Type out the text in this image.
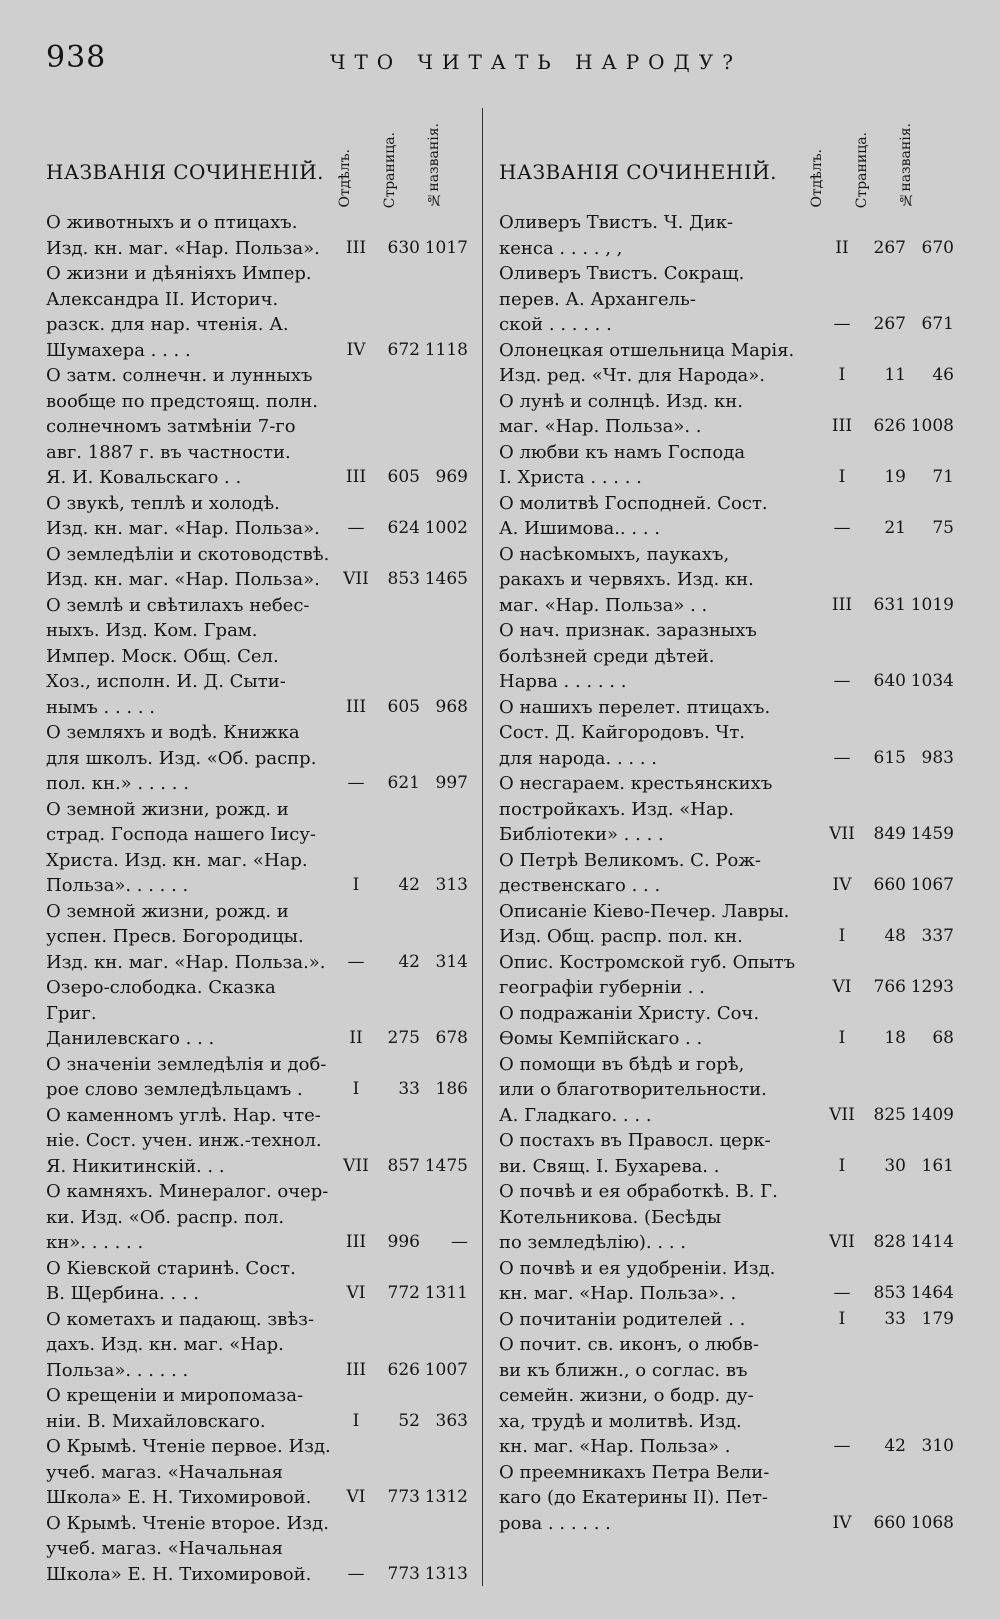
938	ЧТО ЧИТАТЬ НАРОДУ?
НАЗВАНІЯ СОЧИНЕНІЙ. Отдѣлъ. Страница. №названія.
О животныхъ и о птицахъ.
Изд. кн. маг. «Нар. Польза».	III	630 1017
О жизни и дѣяніяхъ Импер.
Александра II. Историч.
разск. для нар. чтенія. А.
Шумахера . . . .	IV	672 1118
О затм. солнечн. и лунныхъ
вообще по предстоящ. полн.
солнечномъ затмѣніи 7-го
авг. 1887 г. въ частности.
Я. И. Ковальскаго . .	III	605 969
О звукѣ, теплѣ и холодѣ.
Изд. кн. маг. «Нар. Польза».	—	624 1002
О земледѣліи и скотоводствѣ.
Изд. кн. маг. «Нар. Польза».	VII	853 1465
О землѣ и свѣтилахъ небес-
ныхъ. Изд. Ком. Грам.
Импер. Моск. Общ. Сел.
Хоз., исполн. И. Д. Сыти-
нымъ . . . . .	III	605 968
О земляхъ и водѣ. Книжка
для школъ. Изд. «Об. распр.
пол. кн.» . . . . .	—	621 997
О земной жизни, рожд. и
страд. Господа нашего Іису-
Христа. Изд. кн. маг. «Нар.
Польза». . . . . .	I	42 313
О земной жизни, рожд. и
успен. Пресв. Богородицы.
Изд. кн. маг. «Нар. Польза.».	—	42 314
Озеро-слободка. Сказка Григ.
Данилевскаго . . .	II	275 678
О значеніи земледѣлія и доб-
рое слово земледѣльцамъ .	I	33 186
О каменномъ углѣ. Нар. чте-
ніе. Сост. учен. инж.-технол.
Я. Никитинскій. . .	VII	857 1475
О камняхъ. Минералог. очер-
ки. Изд. «Об. распр. пол.
кн». . . . . .	III	996	—
О Кіевской старинѣ. Сост.
В. Щербина. . . .	VI	772 1311
О кометахъ и падающ. звѣз-
дахъ. Изд. кн. маг. «Нар.
Польза». . . . . .	III	626 1007
О крещеніи и миропомаза-
ніи. В. Михайловскаго.	I	52 363
О Крымѣ. Чтеніе первое. Изд.
учеб. магаз. «Начальная
Школа» Е. Н. Тихомировой.	VI	773 1312
О Крымѣ. Чтеніе второе. Изд.
учеб. магаз. «Начальная
Школа» Е. Н. Тихомировой.	—	773 1313
НАЗВАНІЯ СОЧИНЕНІЙ. Отдѣлъ. Страница. №названія.
Оливеръ Твистъ. Ч. Дик-
кенса . . . . , ,	II	267 670
Оливеръ Твистъ. Сокращ.
перев. А. Архангель-
ской . . . . . .	—	267 671
Олонецкая отшельница Марія.
Изд. ред. «Чт. для Народа».	I	11	46
О лунѣ и солнцѣ. Изд. кн.
маг. «Нар. Польза». .	III	626 1008
О любви къ намъ Господа
І. Христа . . . . .	I	19	71
О молитвѣ Господней. Сост.
А. Ишимова.. . . .	—	21	75
О насѣкомыхъ, паукахъ,
ракахъ и червяхъ. Изд. кн.
маг. «Нар. Польза» . .	III	631 1019
О нач. признак. заразныхъ
болѣзней среди дѣтей.
Нарва . . . . . .	—	640 1034
О нашихъ перелет. птицахъ.
Сост. Д. Кайгородовъ. Чт.
для народа. . . . .	—	615 983
О несгараем. крестьянскихъ
постройкахъ. Изд. «Нар.
Библіотеки» . . . .	VII	849 1459
О Петрѣ Великомъ. С. Рож-
дественскаго . . .	IV	660 1067
Описаніе Кіево-Печер. Лавры.
Изд. Общ. распр. пол. кн.	I	48 337
Опис. Костромской губ. Опытъ
географіи губерніи . .	VI	766 1293
О подражаніи Христу. Соч.
Ѳомы Кемпійскаго . .	I	18	68
О помощи въ бѣдѣ и горѣ,
или о благотворительности.
А. Гладкаго. . . .	VII	825 1409
О постахъ въ Правосл. церк-
ви. Свящ. І. Бухарева. .	I	30 161
О почвѣ и ея обработкѣ. В. Г.
Котельникова. (Бесѣды
по земледѣлію). . . .	VII	828 1414
О почвѣ и ея удобреніи. Изд.
кн. маг. «Нар. Польза». .	—	853 1464
О почитаніи родителей . .	I	33 179
О почит. св. иконъ, о любв-
ви къ ближн., о соглас. въ
семейн. жизни, о бодр. ду-
ха, трудѣ и молитвѣ. Изд.
кн. маг. «Нар. Польза» .	—	42 310
О преемникахъ Петра Вели-
каго (до Екатерины II). Пет-
рова . . . . . .	IV	660 1068
